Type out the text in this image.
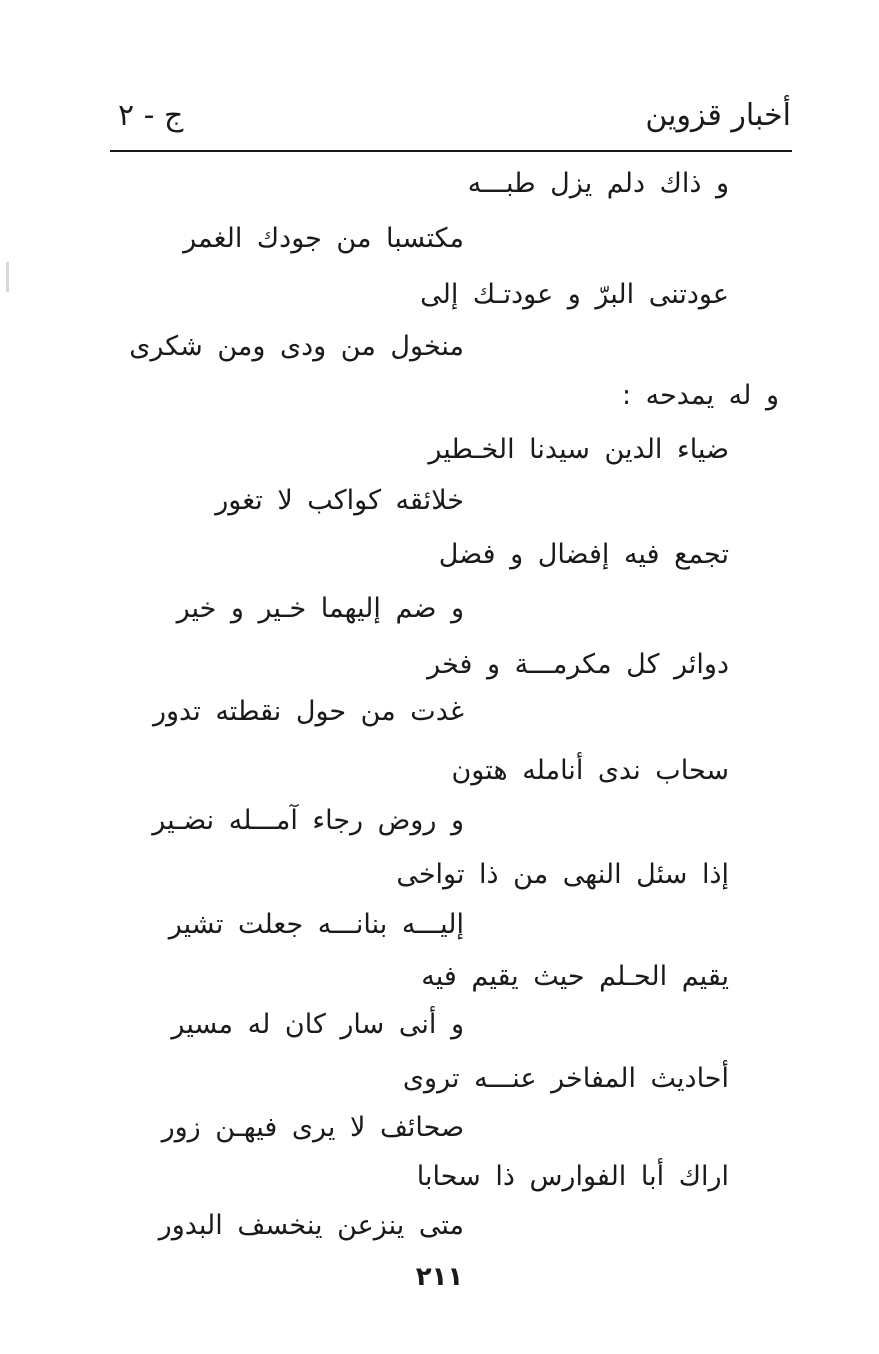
أخبار قزوين
ج - ٢
و ذاك دلم يزل طبـــه
مكتسبا من جودك الغمر
عودتنى البرّ و عودتـك إلى
منخول من ودى ومن شكرى
و له يمدحه :
ضياء الدين سيدنا الخـطير
خلائقه كواكب لا تغور
تجمع فيه إفضال و فضل
و ضم إليهما خـير و خير
دوائر كل مكرمـــة و فخر
غدت من حول نقطته تدور
سحاب ندى أنامله هتون
و روض رجاء آمـــله نضـير
إذا سئل النهى من ذا تواخى
إليـــه بنانـــه جعلت تشير
يقيم الحـلم حيث يقيم فيه
و أنى سار كان له مسير
أحاديث المفاخر عنـــه تروى
صحائف لا يرى فيهـن زور
اراك أبا الفوارس ذا سحابا
متى ينزعن ينخسف البدور
٢١١
